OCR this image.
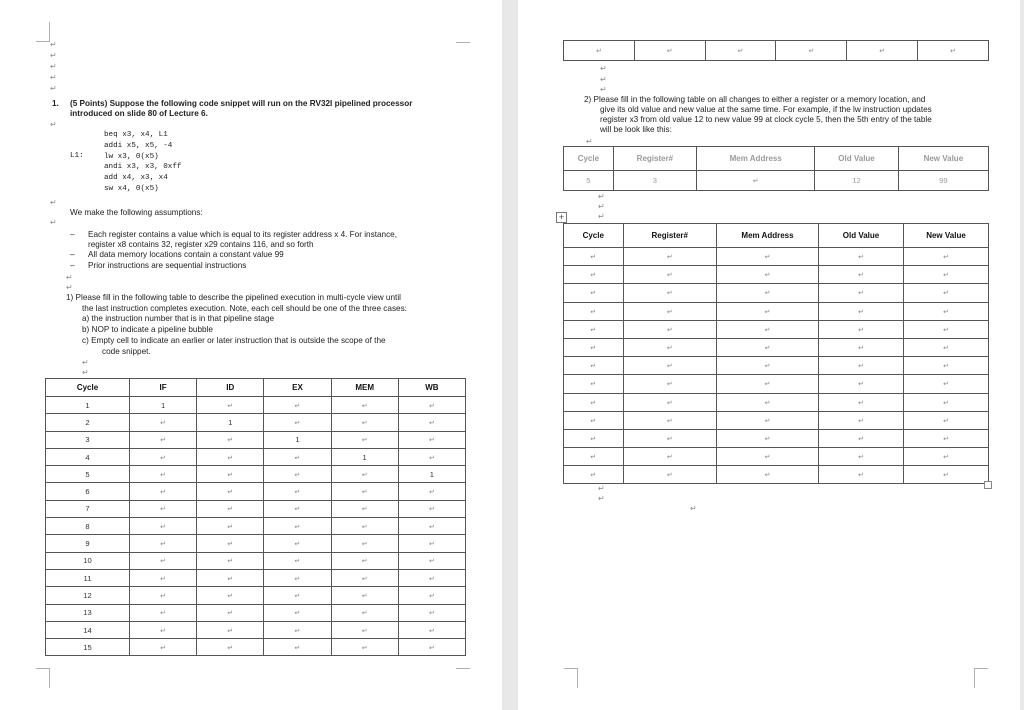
↵
↵
↵
↵
↵
1. (5 Points) Suppose the following code snippet will run on the RV32I pipelined processor
introduced on slide 80 of Lecture 6.
↵
L1:
beq x3, x4, L1
addi x5, x5, -4
lw x3, 0(x5)
andi x3, x3, 0xff
add x4, x3, x4
sw x4, 0(x5)
↵
We make the following assumptions:
↵
– Each register contains a value which is equal to its register address x 4. For instance,
register x8 contains 32, register x29 contains 116, and so forth
– All data memory locations contain a constant value 99
– Prior instructions are sequential instructions
↵
↵
1) Please fill in the following table to describe the pipelined execution in multi-cycle view until
the last instruction completes execution. Note, each cell should be one of the three cases:
a) the instruction number that is in that pipeline stage
b) NOP to indicate a pipeline bubble
c) Empty cell to indicate an earlier or later instruction that is outside the scope of the
code snippet.
↵
↵
Cycle	IF	ID	EX	MEM	WB
1	1	↵	↵	↵	↵
2	↵	1	↵	↵	↵
3	↵	↵	1	↵	↵
4	↵	↵	↵	1	↵
5	↵	↵	↵	↵	1
6	↵	↵	↵	↵	↵
7	↵	↵	↵	↵	↵
8	↵	↵	↵	↵	↵
9	↵	↵	↵	↵	↵
10	↵	↵	↵	↵	↵
11	↵	↵	↵	↵	↵
12	↵	↵	↵	↵	↵
13	↵	↵	↵	↵	↵
14	↵	↵	↵	↵	↵
15	↵	↵	↵	↵	↵
↵	↵	↵	↵	↵	↵
↵
↵
↵
2) Please fill in the following table on all changes to either a register or a memory location, and
give its old value and new value at the same time. For example, if the lw instruction updates
register x3 from old value 12 to new value 99 at clock cycle 5, then the 5th entry of the table
will be look like this:
↵
Cycle	Register#	Mem Address	Old Value	New Value
5	3	↵	12	99
↵
↵
↵
+
Cycle	Register#	Mem Address	Old Value	New Value
↵	↵	↵	↵	↵
↵	↵	↵	↵	↵
↵	↵	↵	↵	↵
↵	↵	↵	↵	↵
↵	↵	↵	↵	↵
↵	↵	↵	↵	↵
↵	↵	↵	↵	↵
↵	↵	↵	↵	↵
↵	↵	↵	↵	↵
↵	↵	↵	↵	↵
↵	↵	↵	↵	↵
↵	↵	↵	↵	↵
↵	↵	↵	↵	↵
↵
↵
↵
